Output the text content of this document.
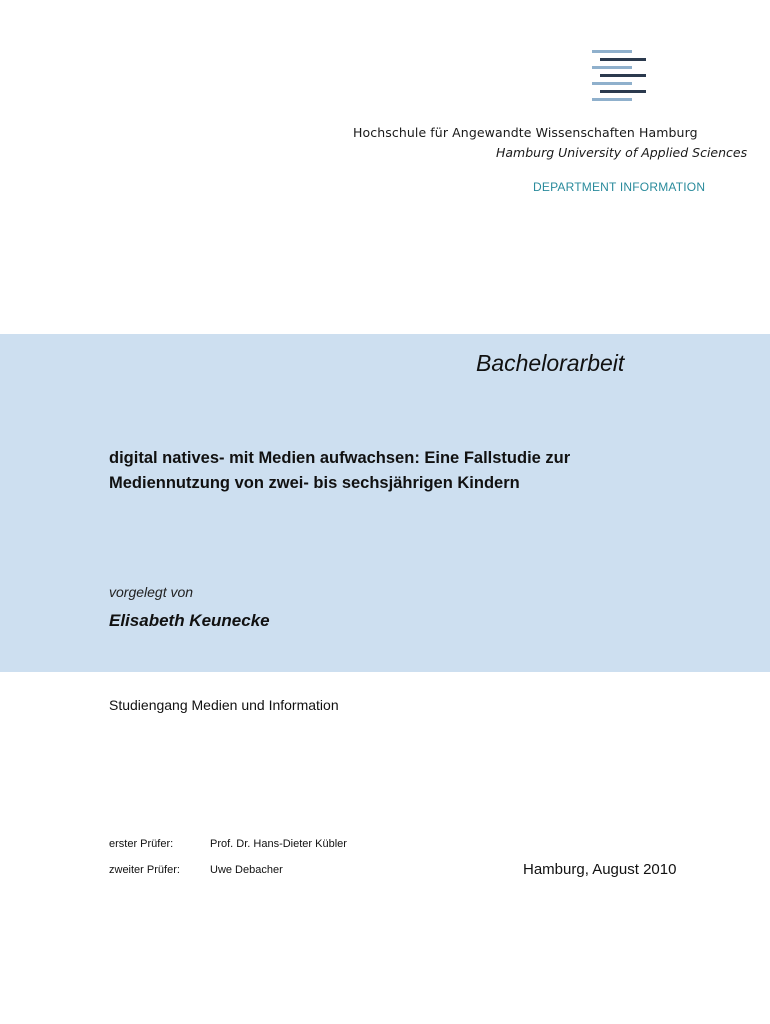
Hochschule für Angewandte Wissenschaften Hamburg
Hamburg University of Applied Sciences
DEPARTMENT INFORMATION
Bachelorarbeit
digital natives- mit Medien aufwachsen: Eine Fallstudie zur
Mediennutzung von zwei- bis sechsjährigen Kindern
vorgelegt von
Elisabeth Keunecke
Studiengang Medien und Information
erster Prüfer:	Prof. Dr. Hans-Dieter Kübler
zweiter Prüfer:	Uwe Debacher	Hamburg, August 2010
